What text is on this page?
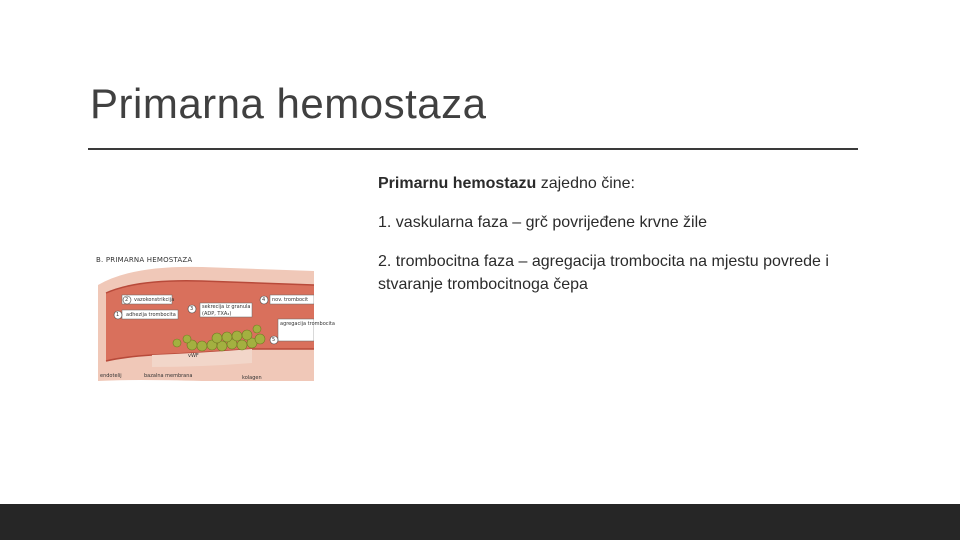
Primarna hemostaza

Primarnu hemostazu zajedno čine:

1. vaskularna faza – grč povrijeđene krvne žile

2. trombocitna faza – agregacija trombocita na mjestu povrede i stvaranje trombocitnoga čepa

B. PRIMARNA HEMOSTAZA
2
1
3
4
5
vazokonstrikcija
adhezija trombocita
sekrecija iz granula
(ADP, TXA₂)
vWF
agregacija trombocita
nov. trombocit
endotelij	bazalna membrana	kolagen
